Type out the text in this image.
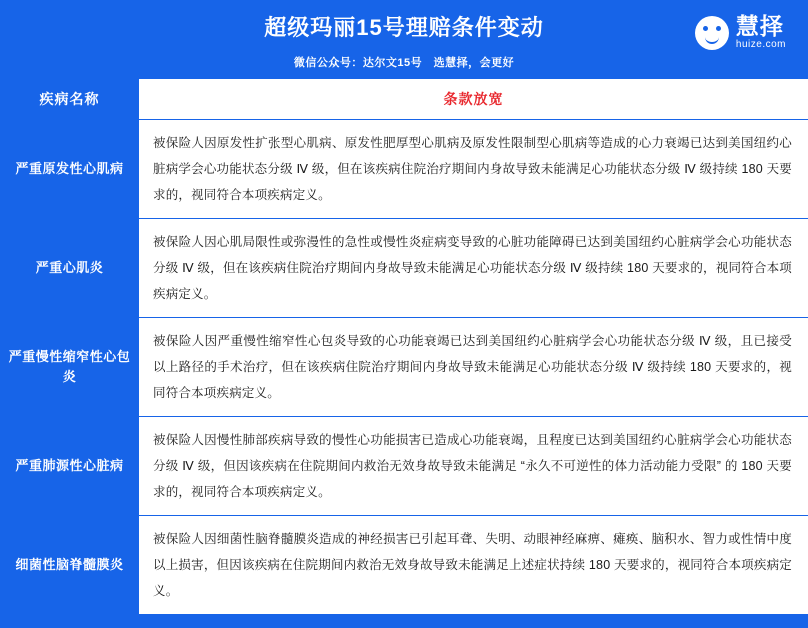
超级玛丽15号理赔条件变动
微信公众号：达尔文15号　选慧择，会更好
慧择
huize.com
疾病名称	条款放宽
严重原发性心肌病	被保险人因原发性扩张型心肌病、原发性肥厚型心肌病及原发性限制型心肌病等造成的心力衰竭已达到美国纽约心脏病学会心功能状态分级 Ⅳ 级，但在该疾病住院治疗期间内身故导致未能满足心功能状态分级 Ⅳ 级持续 180 天要求的，视同符合本项疾病定义。
严重心肌炎	被保险人因心肌局限性或弥漫性的急性或慢性炎症病变导致的心脏功能障碍已达到美国纽约心脏病学会心功能状态分级 Ⅳ 级，但在该疾病住院治疗期间内身故导致未能满足心功能状态分级 Ⅳ 级持续 180 天要求的，视同符合本项疾病定义。
严重慢性缩窄性心包炎	被保险人因严重慢性缩窄性心包炎导致的心功能衰竭已达到美国纽约心脏病学会心功能状态分级 Ⅳ 级，且已接受以上路径的手术治疗，但在该疾病住院治疗期间内身故导致未能满足心功能状态分级 Ⅳ 级持续 180 天要求的，视同符合本项疾病定义。
严重肺源性心脏病	被保险人因慢性肺部疾病导致的慢性心功能损害已造成心功能衰竭，且程度已达到美国纽约心脏病学会心功能状态分级 Ⅳ 级，但因该疾病在住院期间内救治无效身故导致未能满足 “永久不可逆性的体力活动能力受限” 的 180 天要求的，视同符合本项疾病定义。
细菌性脑脊髓膜炎	被保险人因细菌性脑脊髓膜炎造成的神经损害已引起耳聋、失明、动眼神经麻痹、瘫痪、脑积水、智力或性情中度以上损害，但因该疾病在住院期间内救治无效身故导致未能满足上述症状持续 180 天要求的，视同符合本项疾病定义。
